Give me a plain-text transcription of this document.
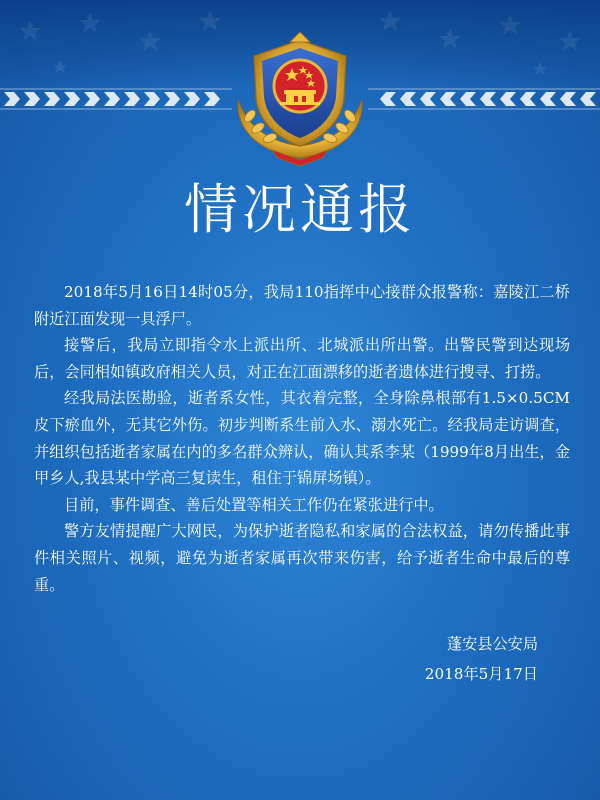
情况通报

2018年5月16日14时05分，我局110指挥中心接群众报警称：嘉陵江二桥附近江面发现一具浮尸。

接警后，我局立即指令水上派出所、北城派出所出警。出警民警到达现场后，会同相如镇政府相关人员，对正在江面漂移的逝者遗体进行搜寻、打捞。

经我局法医勘验，逝者系女性，其衣着完整，全身除鼻根部有1.5×0.5CM皮下瘀血外，无其它外伤。初步判断系生前入水、溺水死亡。经我局走访调查，并组织包括逝者家属在内的多名群众辨认，确认其系李某（1999年8月出生，金甲乡人,我县某中学高三复读生，租住于锦屏场镇）。

目前，事件调查、善后处置等相关工作仍在紧张进行中。

警方友情提醒广大网民，为保护逝者隐私和家属的合法权益，请勿传播此事件相关照片、视频，避免为逝者家属再次带来伤害，给予逝者生命中最后的尊重。

蓬安县公安局
2018年5月17日
